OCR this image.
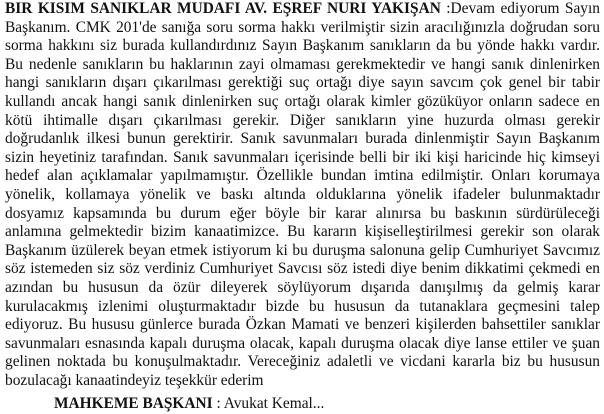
BIR KISIM SANIKLAR MUDAFI AV. EŞREF NURI YAKIŞAN :Devam ediyorum Sayın Başkanım. CMK 201'de sanığa soru sorma hakkı verilmiştir sizin aracılığınızla doğrudan soru sorma hakkını siz burada kullandırdınız Sayın Başkanım sanıkların da bu yönde hakkı vardır. Bu nedenle sanıkların bu haklarının zayi olmaması gerekmektedir ve hangi sanık dinlenirken hangi sanıkların dışarı çıkarılması gerektiği suç ortağı diye sayın savcım çok genel bir tabir kullandı ancak hangi sanık dinlenirken suç ortağı olarak kimler gözüküyor onların sadece en kötü ihtimalle dışarı çıkarılması gerekir. Diğer sanıkların yine huzurda olması gerekir doğrudanlık ilkesi bunun gerektirir. Sanık savunmaları burada dinlenmiştir Sayın Başkanım sizin heyetiniz tarafından. Sanık savunmaları içerisinde belli bir iki kişi haricinde hiç kimseyi hedef alan açıklamalar yapılmamıştır. Özellikle bundan imtina edilmiştir. Onları korumaya yönelik, kollamaya yönelik ve baskı altında olduklarına yönelik ifadeler bulunmaktadır dosyamız kapsamında bu durum eğer böyle bir karar alınırsa bu baskının sürdürüleceği anlamına gelmektedir bizim kanaatimizce. Bu kararın kişiselleştirilmesi gerekir son olarak Başkanım üzülerek beyan etmek istiyorum ki bu duruşma salonuna gelip Cumhuriyet Savcımız söz istemeden siz söz verdiniz Cumhuriyet Savcısı söz istedi diye benim dikkatimi çekmedi en azından bu hususun da özür dileyerek söylüyorum dışarıda danışılmış da gelmiş karar kurulacakmış izlenimi oluşturmaktadır bizde bu hususun da tutanaklara geçmesini talep ediyoruz. Bu hususu günlerce burada Özkan Mamati ve benzeri kişilerden bahsettiler sanıklar savunmaları esnasında kapalı duruşma olacak, kapalı duruşma olacak diye lanse ettiler ve şuan gelinen noktada bu konuşulmaktadır. Vereceğiniz adaletli ve vicdani kararla biz bu hususun bozulacağı kanaatindeyiz teşekkür ederim

MAHKEME BAŞKANI : Avukat Kemal...
